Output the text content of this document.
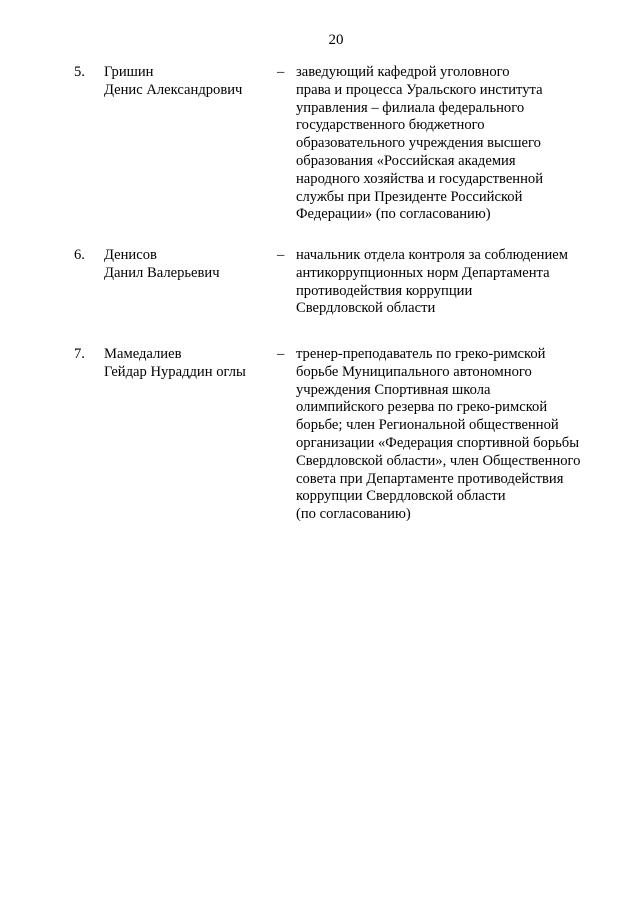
20
5. Гришин
Денис Александрович
– заведующий кафедрой уголовного
права и процесса Уральского института
управления – филиала федерального
государственного бюджетного
образовательного учреждения высшего
образования «Российская академия
народного хозяйства и государственной
службы при Президенте Российской
Федерации» (по согласованию)
6. Денисов
Данил Валерьевич
– начальник отдела контроля за соблюдением
антикоррупционных норм Департамента
противодействия коррупции
Свердловской области
7. Мамедалиев
Гейдар Нураддин оглы
– тренер-преподаватель по греко-римской
борьбе Муниципального автономного
учреждения Спортивная школа
олимпийского резерва по греко-римской
борьбе; член Региональной общественной
организации «Федерация спортивной борьбы
Свердловской области», член Общественного
совета при Департаменте противодействия
коррупции Свердловской области
(по согласованию)
